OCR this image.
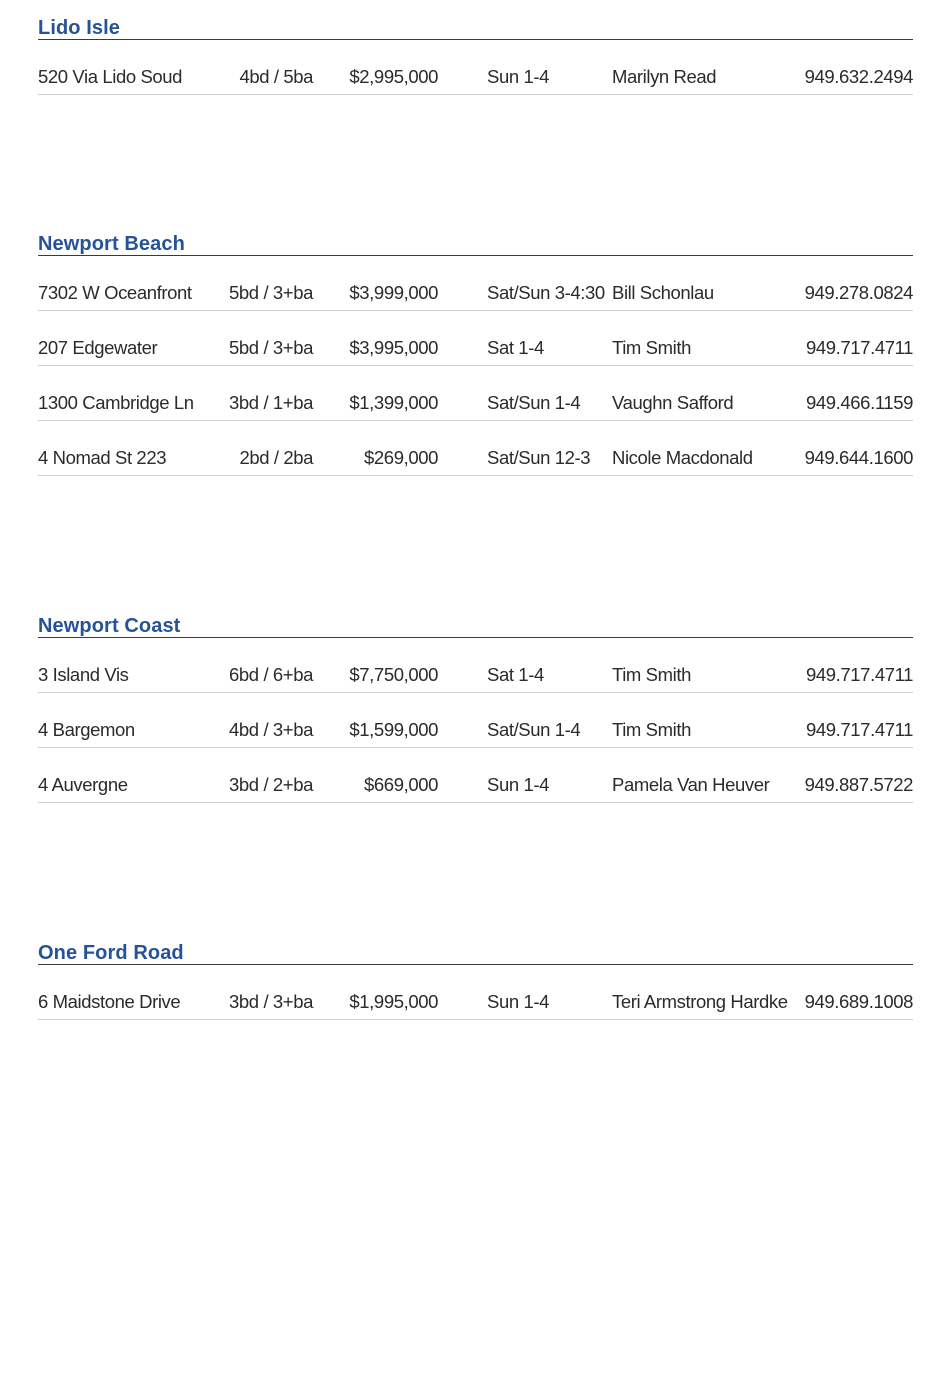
Lido Isle
520 Via Lido Soud	4bd / 5ba $2,995,000	Sun 1-4	Marilyn Read	949.632.2494
Newport Beach
7302 W Oceanfront 5bd / 3+ba $3,999,000	Sat/Sun 3-4:30 Bill Schonlau	949.278.0824
207 Edgewater	5bd / 3+ba $3,995,000	Sat 1-4	Tim Smith	949.717.4711
1300 Cambridge Ln 3bd / 1+ba $1,399,000	Sat/Sun 1-4 Vaughn Safford	949.466.1159
4 Nomad St 223	2bd / 2ba	$269,000	Sat/Sun 12-3 Nicole Macdonald	949.644.1600
Newport Coast
3 Island Vis	6bd / 6+ba $7,750,000	Sat 1-4	Tim Smith	949.717.4711
4 Bargemon	4bd / 3+ba $1,599,000	Sat/Sun 1-4 Tim Smith	949.717.4711
4 Auvergne	3bd / 2+ba	$669,000	Sun 1-4	Pamela Van Heuver 949.887.5722
One Ford Road
6 Maidstone Drive	3bd / 3+ba $1,995,000	Sun 1-4	Teri Armstrong Hardke 949.689.1008
